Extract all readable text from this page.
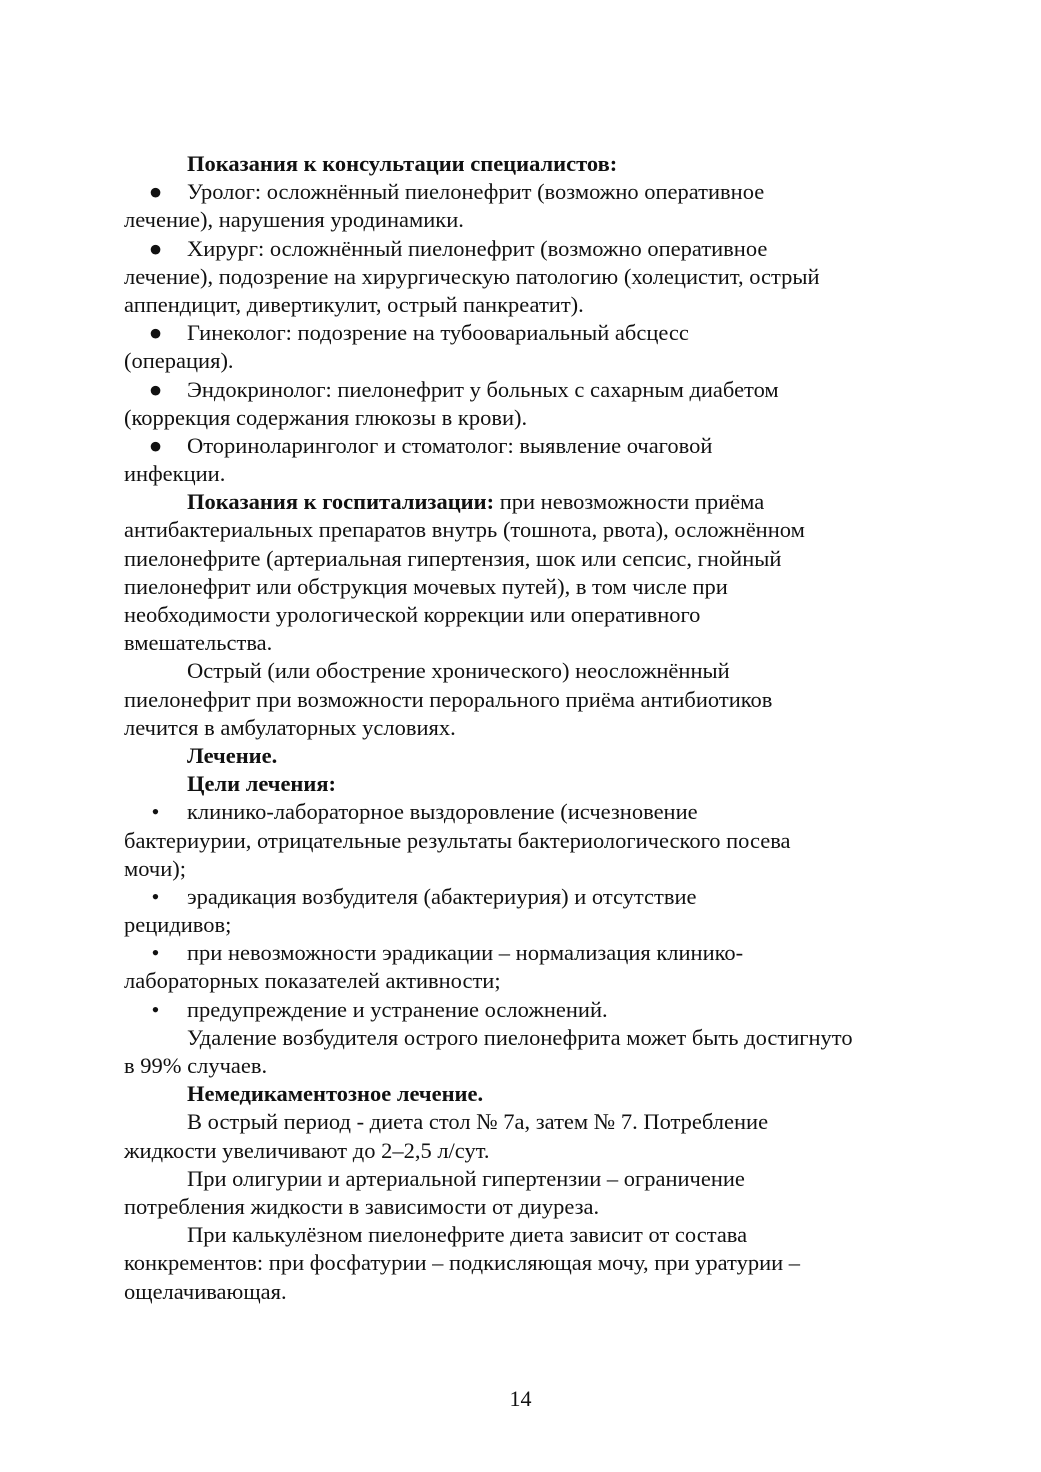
Показания к консультации специалистов:
●	Уролог: осложнённый пиелонефрит (возможно оперативное
лечение), нарушения уродинамики.
●	Хирург: осложнённый пиелонефрит (возможно оперативное
лечение), подозрение на хирургическую патологию (холецистит, острый
аппендицит, дивертикулит, острый панкреатит).
●	Гинеколог: подозрение на тубоовариальный абсцесс
(операция).
●	Эндокринолог: пиелонефрит у больных с сахарным диабетом
(коррекция содержания глюкозы в крови).
●	Оториноларинголог и стоматолог: выявление очаговой
инфекции.
Показания к госпитализации: при невозможности приёма
антибактериальных препаратов внутрь (тошнота, рвота), осложнённом
пиелонефрите (артериальная гипертензия, шок или сепсис, гнойный
пиелонефрит или обструкция мочевых путей), в том числе при
необходимости урологической коррекции или оперативного
вмешательства.
Острый (или обострение хронического) неосложнённый
пиелонефрит при возможности перорального приёма антибиотиков
лечится в амбулаторных условиях.
Лечение.
Цели лечения:
• клинико-лабораторное выздоровление (исчезновение
бактериурии, отрицательные результаты бактериологического посева
мочи);
• эрадикация возбудителя (абактериурия) и отсутствие
рецидивов;
• при невозможности эрадикации – нормализация клинико-
лабораторных показателей активности;
• предупреждение и устранение осложнений.
Удаление возбудителя острого пиелонефрита может быть достигнуто
в 99% случаев.
Немедикаментозное лечение.
В острый период - диета стол № 7а, затем № 7. Потребление
жидкости увеличивают до 2–2,5 л/сут.
При олигурии и артериальной гипертензии – ограничение
потребления жидкости в зависимости от диуреза.
При калькулёзном пиелонефрите диета зависит от состава
конкрементов: при фосфатурии – подкисляющая мочу, при уратурии –
ощелачивающая.
14
